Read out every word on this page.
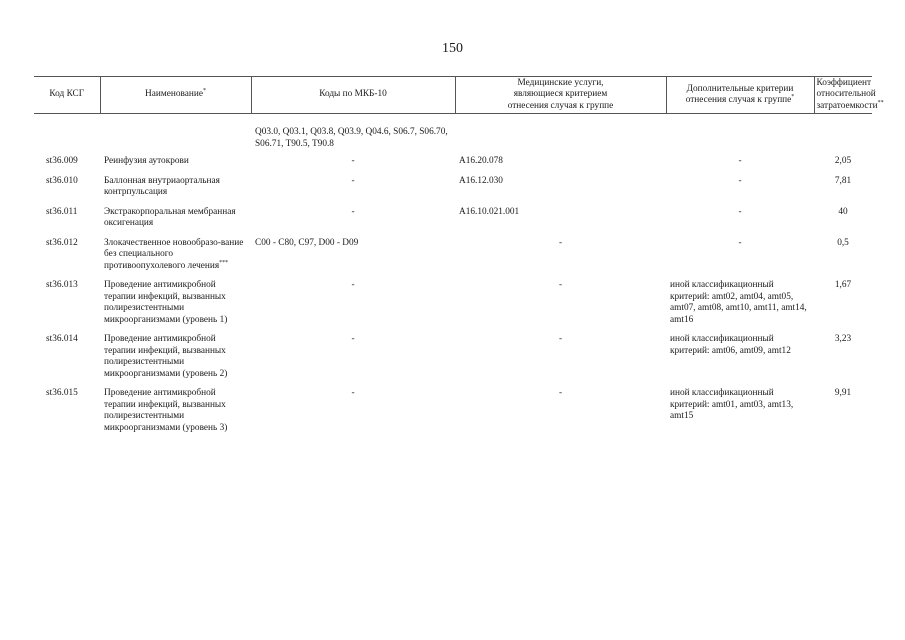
150
Код КСГ	Наименование*	Коды по МКБ-10	Медицинские услуги, являющиеся критерием отнесения случая к группе	Дополнительные критерии отнесения случая к группе*	Коэффициент относительной затратоемкости**
		Q03.0, Q03.1, Q03.8, Q03.9, Q04.6, S06.7, S06.70, S06.71, T90.5, T90.8			
st36.009	Реинфузия аутокрови	-	A16.20.078	-	2,05
st36.010	Баллонная внутриаортальная контрпульсация	-	A16.12.030	-	7,81
st36.011	Экстракорпоральная мембранная оксигенация	-	A16.10.021.001	-	40
st36.012	Злокачественное новообразо-вание без специального противоопухолевого лечения***	C00 - C80, C97, D00 - D09	-	-	0,5
st36.013	Проведение антимикробной терапии инфекций, вызванных полирезистентными микроорганизмами (уровень 1)	-	-	иной классификационный критерий: amt02, amt04, amt05, amt07, amt08, amt10, amt11, amt14, amt16	1,67
st36.014	Проведение антимикробной терапии инфекций, вызванных полирезистентными микроорганизмами (уровень 2)	-	-	иной классификационный критерий: amt06, amt09, amt12	3,23
st36.015	Проведение антимикробной терапии инфекций, вызванных полирезистентными микроорганизмами (уровень 3)	-	-	иной классификационный критерий: amt01, amt03, amt13, amt15	9,91
